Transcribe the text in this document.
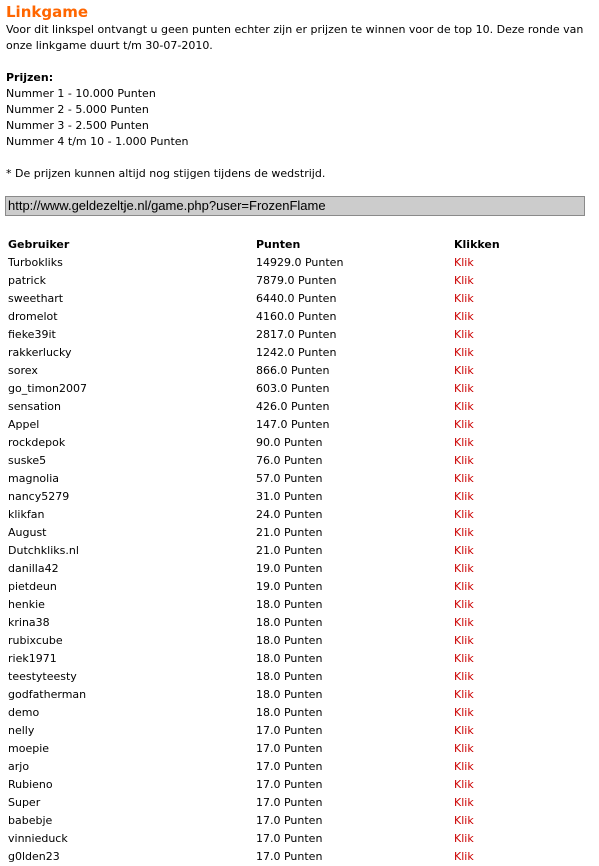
Linkgame
Voor dit linkspel ontvangt u geen punten echter zijn er prijzen te winnen voor de top 10. Deze ronde van onze linkgame duurt t/m 30-07-2010.
Prijzen:
Nummer 1 - 10.000 Punten
Nummer 2 - 5.000 Punten
Nummer 3 - 2.500 Punten
Nummer 4 t/m 10 - 1.000 Punten
* De prijzen kunnen altijd nog stijgen tijdens de wedstrijd.
http://www.geldezeltje.nl/game.php?user=FrozenFlame
Gebruiker	Punten	Klikken
Turbokliks	14929.0 Punten	Klik
patrick	7879.0 Punten	Klik
sweethart	6440.0 Punten	Klik
dromelot	4160.0 Punten	Klik
fieke39it	2817.0 Punten	Klik
rakkerlucky	1242.0 Punten	Klik
sorex	866.0 Punten	Klik
go_timon2007	603.0 Punten	Klik
sensation	426.0 Punten	Klik
Appel	147.0 Punten	Klik
rockdepok	90.0 Punten	Klik
suske5	76.0 Punten	Klik
magnolia	57.0 Punten	Klik
nancy5279	31.0 Punten	Klik
klikfan	24.0 Punten	Klik
August	21.0 Punten	Klik
Dutchkliks.nl	21.0 Punten	Klik
danilla42	19.0 Punten	Klik
pietdeun	19.0 Punten	Klik
henkie	18.0 Punten	Klik
krina38	18.0 Punten	Klik
rubixcube	18.0 Punten	Klik
riek1971	18.0 Punten	Klik
teestyteesty	18.0 Punten	Klik
godfatherman	18.0 Punten	Klik
demo	18.0 Punten	Klik
nelly	17.0 Punten	Klik
moepie	17.0 Punten	Klik
arjo	17.0 Punten	Klik
Rubieno	17.0 Punten	Klik
Super	17.0 Punten	Klik
babebje	17.0 Punten	Klik
vinnieduck	17.0 Punten	Klik
g0lden23	17.0 Punten	Klik
